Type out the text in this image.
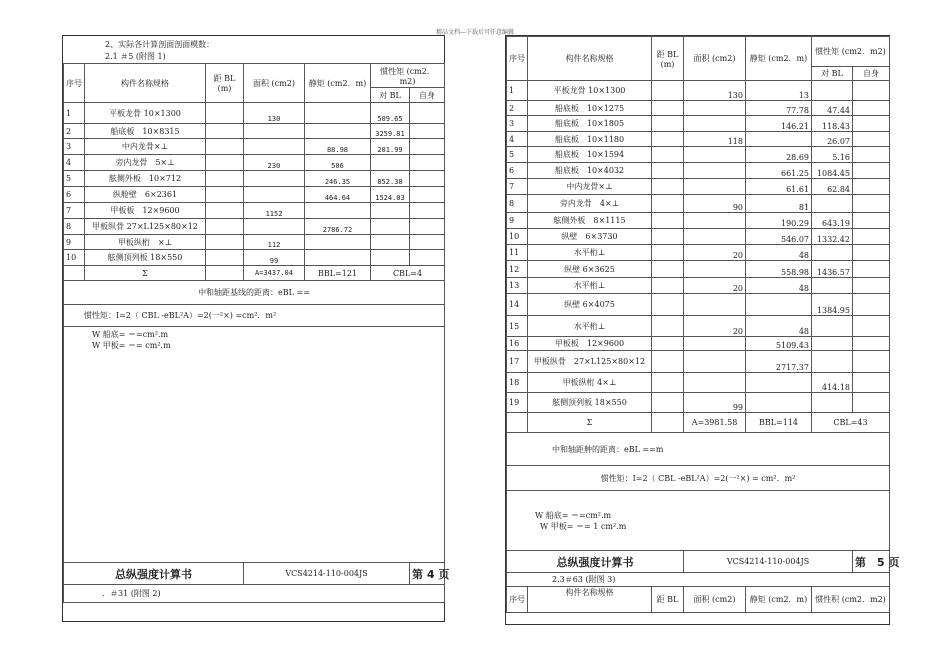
精品文档---下载后可任意编辑
2、实际各计算剖面剖面模数：
2.1 ＃5 (附图 1)
序号	构件名称规格	距 BL (m)	面积 (cm2)	静矩 (cm2．m)	惯性矩 (cm2．m2)	
					对 BL	自身
1	平板龙骨 10×1300		130		509.65	
2	船底板　10×8315				3259.81	
3	中内龙骨×⊥			88.98	201.99	
4	旁内龙骨　5×⊥		230	506		
5	舷侧外板　10×712			246.35	852.38	
6	纵舱壁　6×2361			464.64	1524.03	
7	甲板板　12×9600		1152			
8	甲板纵骨 27×L125×80×12			2786.72		
9	甲板纵桁　×⊥		112			
10	舷侧顶列板 18×550		99			
	Σ		A=3437.04	BBL=121	CBL=4	
中和轴距基线的距离：eBL ==						
惯性矩：I=2（ CBL -eBL²A）=2(一²×) =cm²．m²						

W 船底= ＝=cm².m
W 甲板= ＝= cm².m						

总纵强度计算书			VCS4214-110-004JS			第 4 页
．＃31 (附图 2)						
序号	构件名称规格	距 BL (m)	面积 (cm2)	静矩 (cm2．m)	惯性矩 (cm2．m2)	
					对 BL	自身
1	平板龙骨 10×1300		130	13		
2	船底板　10×1275			77.78	47.44	
3	船底板　10×1805			146.21	118.43	
4	船底板　10×1180		118		26.07	
5	船底板　10×1594			28.69	5.16	
6	船底板　10×4032			661.25	1084.45	
7	中内龙骨×⊥			61.61	62.84	
8	旁内龙骨　4×⊥		90	81		
9	舷侧外板　8×1115			190.29	643.19	
10	纵壁　6×3730			546.07	1332.42	
11	水平桁⊥		20	48		
12	纵壁 6×3625			558.98	1436.57	
13	水平桁⊥		20	48		
14	纵壁 6×4075				1384.95	
15	水平桁⊥		20	48		
16	甲板板　12×9600			5109.43		
17	甲板纵骨　27×L125×80×12			2717.37		
18	甲板纵桁 4×⊥				414.18	
19	舷侧顶列板 18×550		99			
	Σ		A=3981.58	BBL=114	CBL=43	
中和轴距舯的距离：eBL ==m						
惯性矩：I=2（ CBL -eBL²A）=2(一²×) = cm²．m²						

W 船底= ＝=cm².m
W 甲板= ＝= 1 cm².m						

总纵强度计算书			VCS4214-110-004JS			第　5 页
2.3＃63 (附图 3)						
序号	构件名称规格	距 BL	面积 (cm2)	静矩 (cm2．m)	惯性积 (cm2．m2)	
